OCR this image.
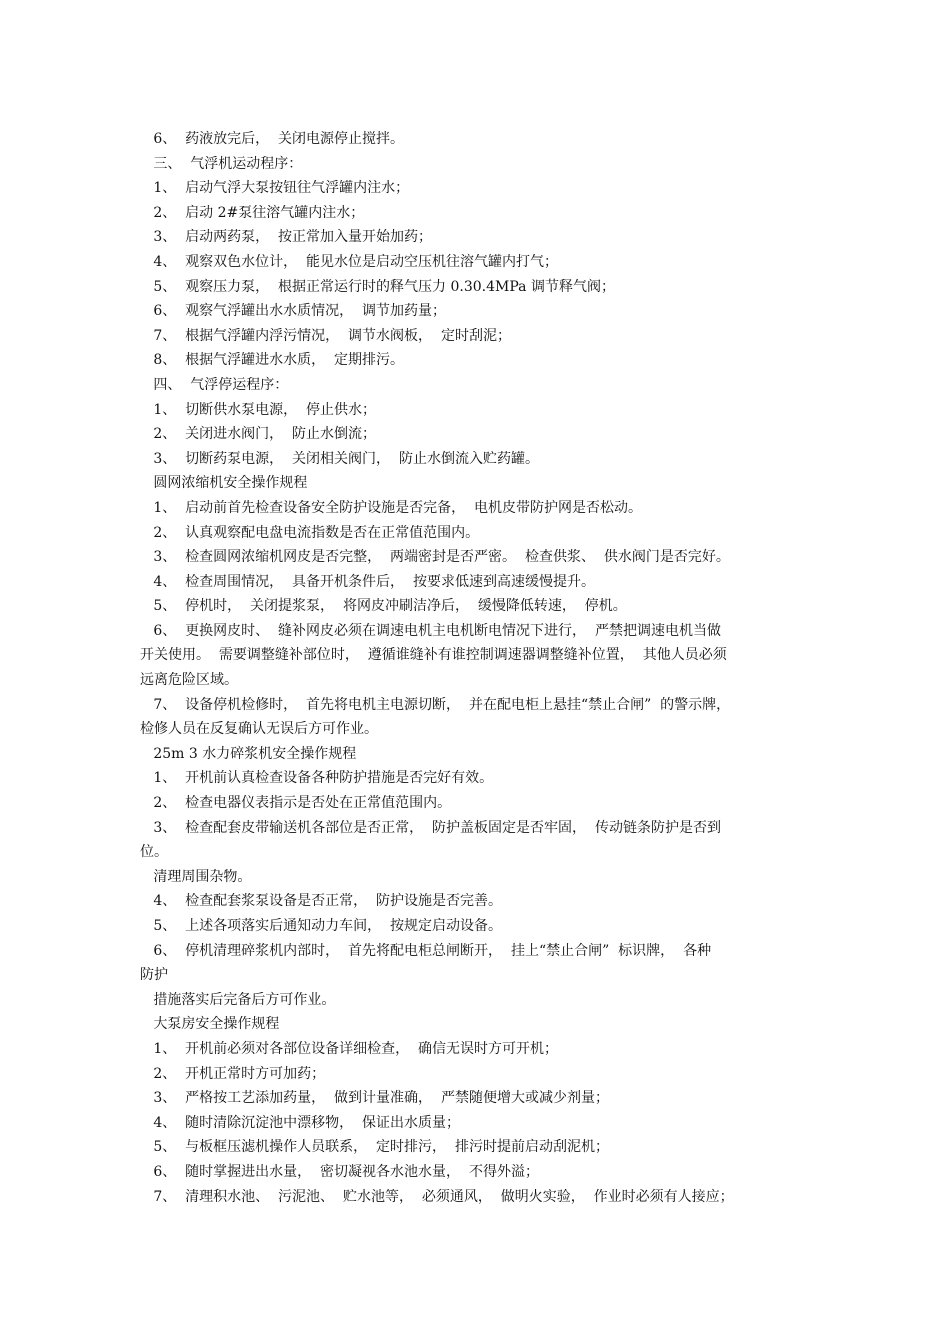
6、  药液放完后，  关闭电源停止搅拌。
三、  气浮机运动程序：
1、  启动气浮大泵按钮往气浮罐内注水；
2、  启动 2#泵往溶气罐内注水；
3、  启动两药泵，  按正常加入量开始加药；
4、  观察双色水位计，  能见水位是启动空压机往溶气罐内打气；
5、  观察压力泵，  根据正常运行时的释气压力 0.30.4MPa 调节释气阀；
6、  观察气浮罐出水水质情况，  调节加药量；
7、  根据气浮罐内浮污情况，  调节水阀板，  定时刮泥；
8、  根据气浮罐进水水质，  定期排污。
四、  气浮停运程序：
1、  切断供水泵电源，  停止供水；
2、  关闭进水阀门，  防止水倒流；
3、  切断药泵电源，  关闭相关阀门，  防止水倒流入贮药罐。
圆网浓缩机安全操作规程
1、  启动前首先检查设备安全防护设施是否完备，  电机皮带防护网是否松动。
2、  认真观察配电盘电流指数是否在正常值范围内。
3、  检查圆网浓缩机网皮是否完整，  两端密封是否严密。  检查供浆、  供水阀门是否完好。
4、  检查周围情况，  具备开机条件后，  按要求低速到高速缓慢提升。
5、  停机时，  关闭提浆泵，  将网皮冲刷洁净后，  缓慢降低转速，  停机。
6、  更换网皮时、  缝补网皮必须在调速电机主电机断电情况下进行，  严禁把调速电机当做
开关使用。  需要调整缝补部位时，  遵循谁缝补有谁控制调速器调整缝补位置，  其他人员必须
远离危险区域。
7、  设备停机检修时，  首先将电机主电源切断，  并在配电柜上悬挂“禁止合闸”  的警示牌，
检修人员在反复确认无误后方可作业。
25m 3 水力碎浆机安全操作规程
1、  开机前认真检查设备各种防护措施是否完好有效。
2、  检查电器仪表指示是否处在正常值范围内。
3、  检查配套皮带输送机各部位是否正常，  防护盖板固定是否牢固，  传动链条防护是否到
位。
清理周围杂物。
4、  检查配套浆泵设备是否正常，  防护设施是否完善。
5、  上述各项落实后通知动力车间，  按规定启动设备。
6、  停机清理碎浆机内部时，  首先将配电柜总闸断开，  挂上“禁止合闸”  标识牌，  各种
防护
措施落实后完备后方可作业。
大泵房安全操作规程
1、  开机前必须对各部位设备详细检查，  确信无误时方可开机；
2、  开机正常时方可加药；
3、  严格按工艺添加药量，  做到计量准确，  严禁随便增大或减少剂量；
4、  随时清除沉淀池中漂移物，  保证出水质量；
5、  与板框压滤机操作人员联系，  定时排污，  排污时提前启动刮泥机；
6、  随时掌握进出水量，  密切凝视各水池水量，  不得外溢；
7、  清理积水池、  污泥池、  贮水池等，  必须通风，  做明火实验，  作业时必须有人接应；
